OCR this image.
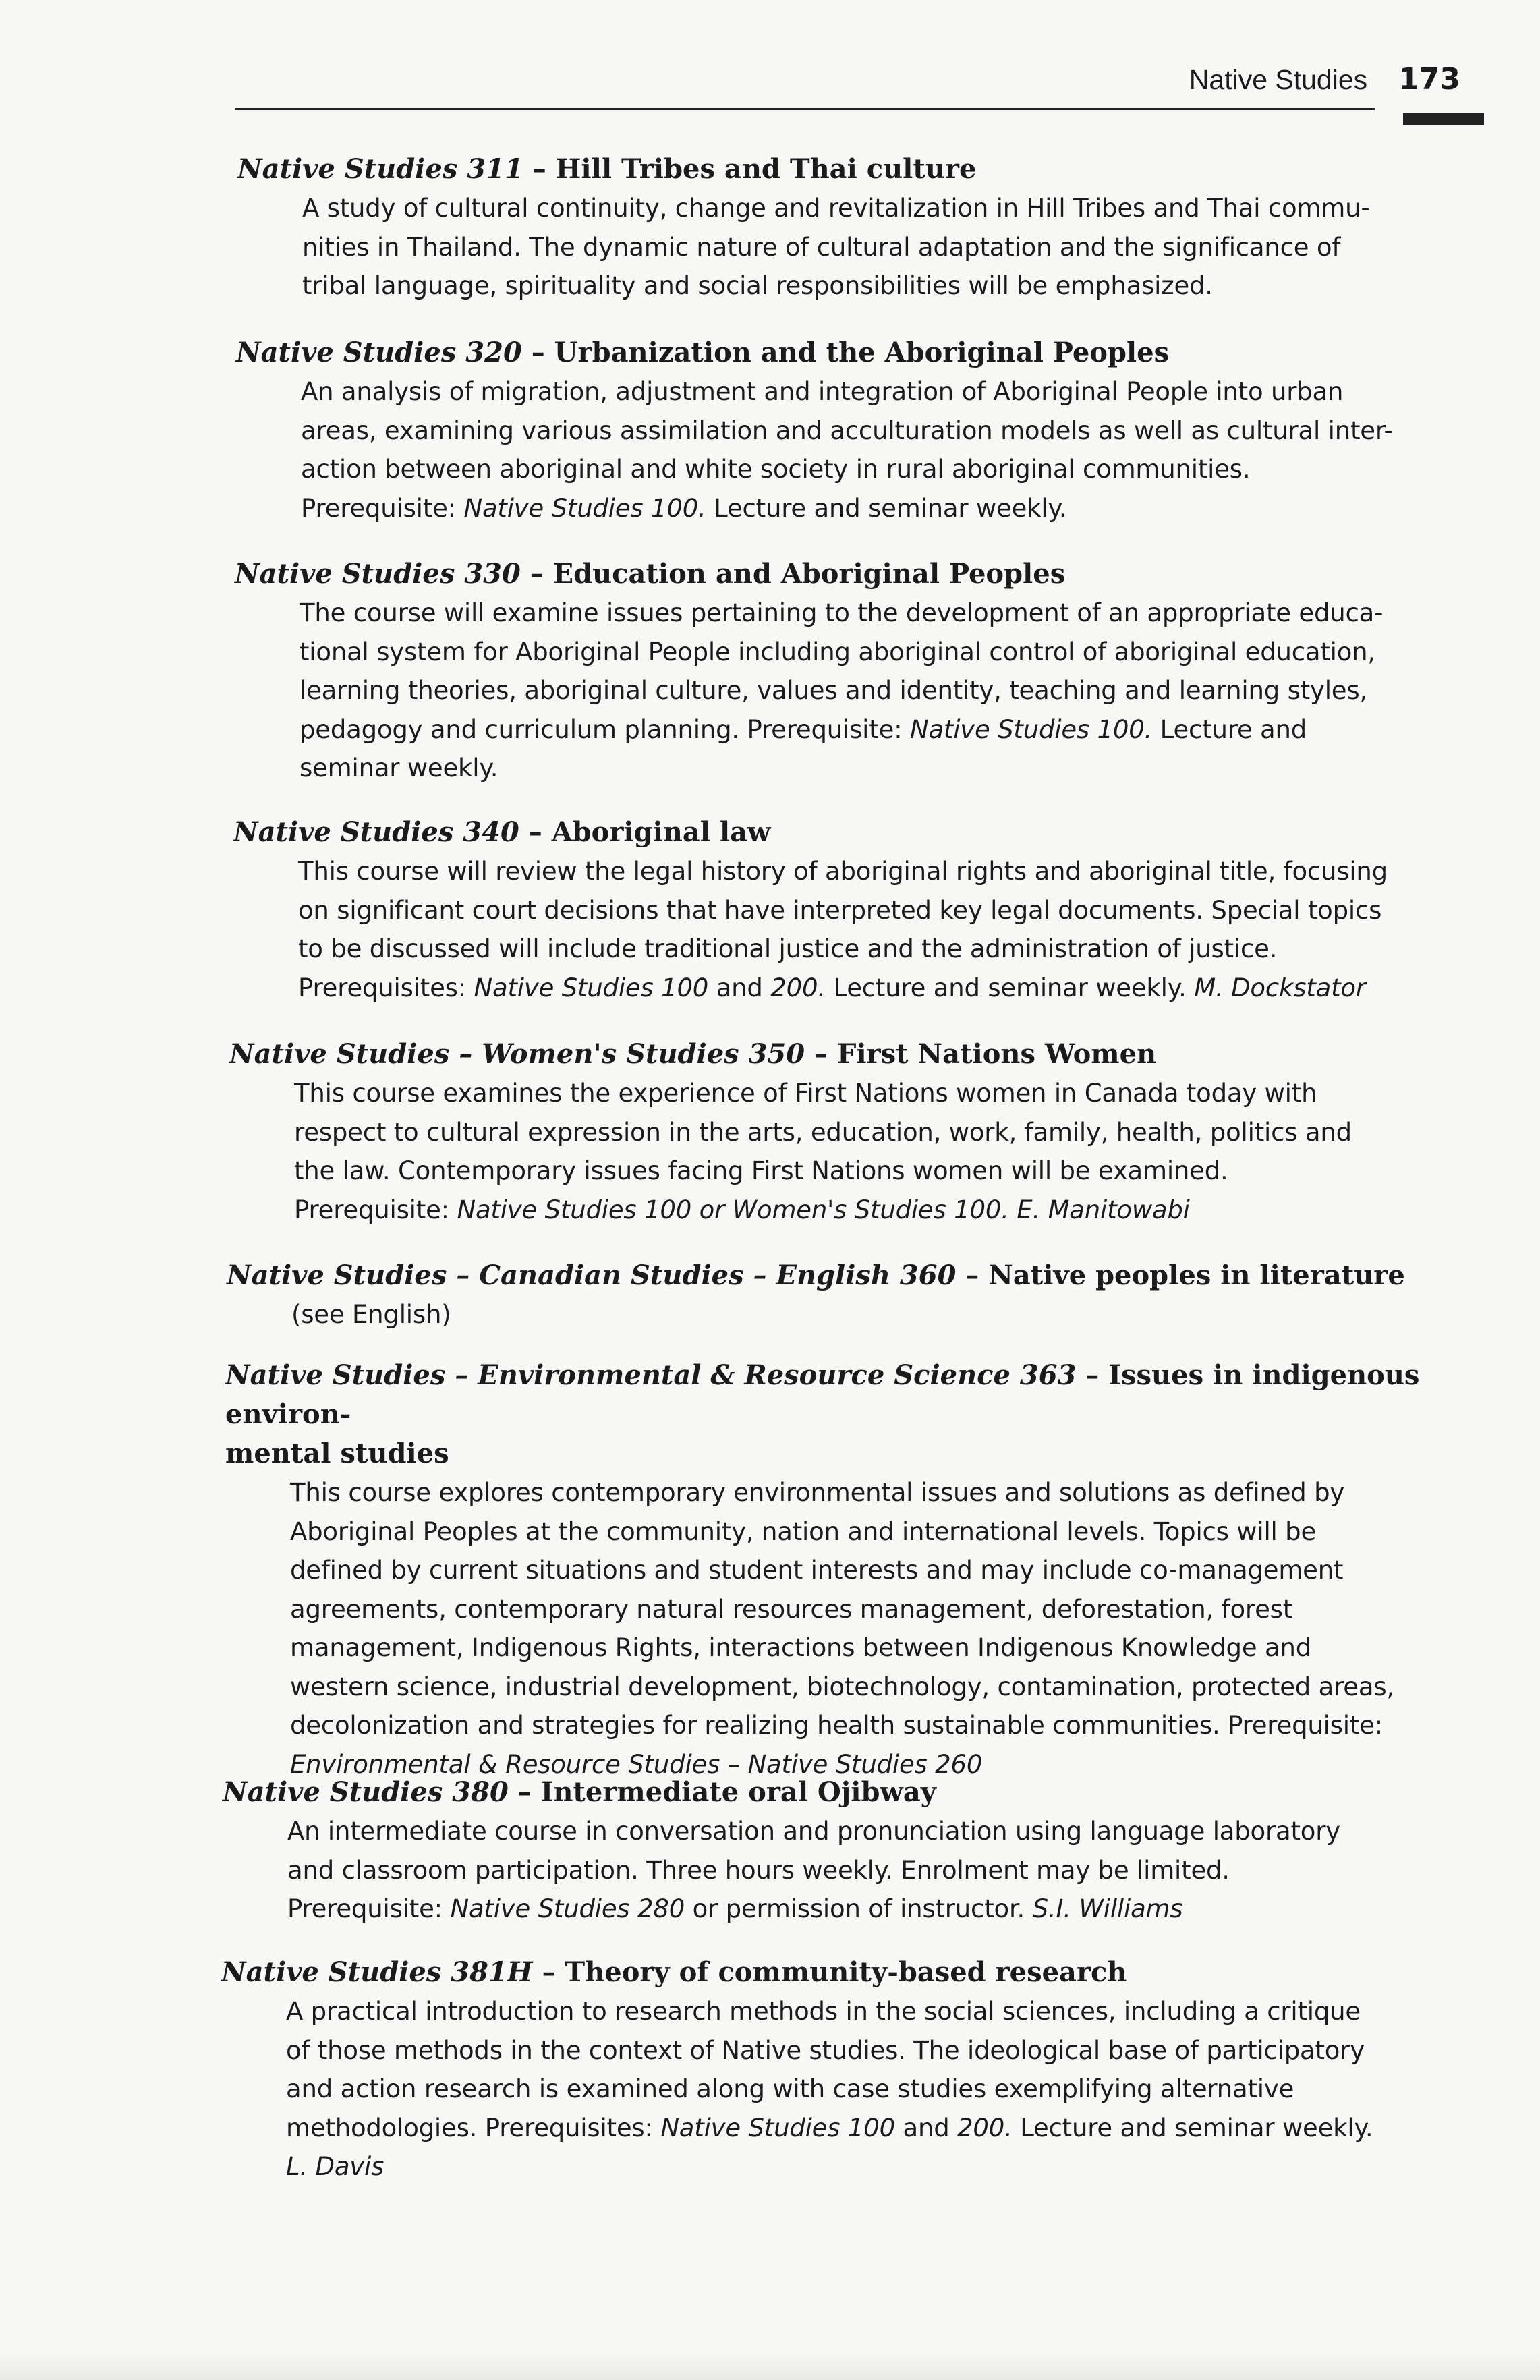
Native Studies 173

Native Studies 311 – Hill Tribes and Thai culture

A study of cultural continuity, change and revitalization in Hill Tribes and Thai commu-
nities in Thailand. The dynamic nature of cultural adaptation and the significance of
tribal language, spirituality and social responsibilities will be emphasized.

Native Studies 320 – Urbanization and the Aboriginal Peoples

An analysis of migration, adjustment and integration of Aboriginal People into urban
areas, examining various assimilation and acculturation models as well as cultural inter-
action between aboriginal and white society in rural aboriginal communities.
Prerequisite: Native Studies 100. Lecture and seminar weekly.

Native Studies 330 – Education and Aboriginal Peoples

The course will examine issues pertaining to the development of an appropriate educa-
tional system for Aboriginal People including aboriginal control of aboriginal education,
learning theories, aboriginal culture, values and identity, teaching and learning styles,
pedagogy and curriculum planning. Prerequisite: Native Studies 100. Lecture and
seminar weekly.

Native Studies 340 – Aboriginal law

This course will review the legal history of aboriginal rights and aboriginal title, focusing
on significant court decisions that have interpreted key legal documents. Special topics
to be discussed will include traditional justice and the administration of justice.
Prerequisites: Native Studies 100 and 200. Lecture and seminar weekly. M. Dockstator

Native Studies – Women's Studies 350 – First Nations Women

This course examines the experience of First Nations women in Canada today with
respect to cultural expression in the arts, education, work, family, health, politics and
the law. Contemporary issues facing First Nations women will be examined.
Prerequisite: Native Studies 100 or Women's Studies 100. E. Manitowabi

Native Studies – Canadian Studies – English 360 – Native peoples in literature

(see English)

Native Studies – Environmental & Resource Science 363 – Issues in indigenous environ-
mental studies

This course explores contemporary environmental issues and solutions as defined by
Aboriginal Peoples at the community, nation and international levels. Topics will be
defined by current situations and student interests and may include co-management
agreements, contemporary natural resources management, deforestation, forest
management, Indigenous Rights, interactions between Indigenous Knowledge and
western science, industrial development, biotechnology, contamination, protected areas,
decolonization and strategies for realizing health sustainable communities. Prerequisite:
Environmental & Resource Studies – Native Studies 260

Native Studies 380 – Intermediate oral Ojibway

An intermediate course in conversation and pronunciation using language laboratory
and classroom participation. Three hours weekly. Enrolment may be limited.
Prerequisite: Native Studies 280 or permission of instructor. S.I. Williams

Native Studies 381H – Theory of community-based research

A practical introduction to research methods in the social sciences, including a critique
of those methods in the context of Native studies. The ideological base of participatory
and action research is examined along with case studies exemplifying alternative
methodologies. Prerequisites: Native Studies 100 and 200. Lecture and seminar weekly.
L. Davis
